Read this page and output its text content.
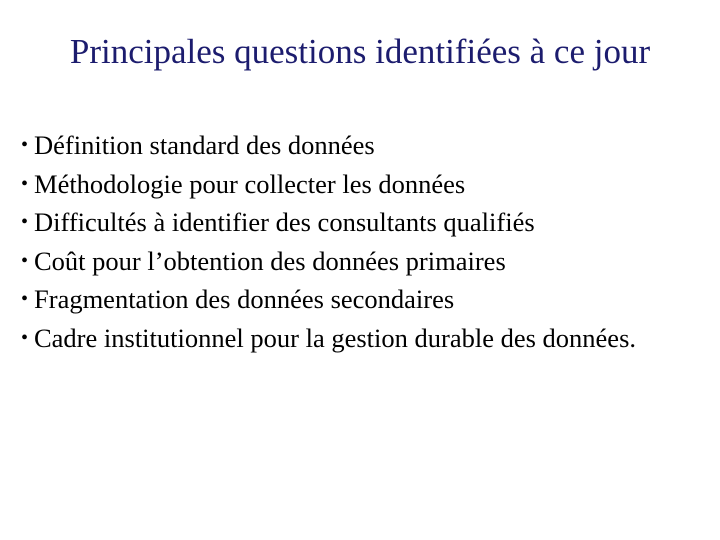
Principales questions identifiées à ce jour
• Définition standard des données
• Méthodologie pour collecter les données
• Difficultés à identifier des consultants qualifiés
• Coût pour l’obtention des données primaires
• Fragmentation des données secondaires
• Cadre institutionnel pour la gestion durable des données.
